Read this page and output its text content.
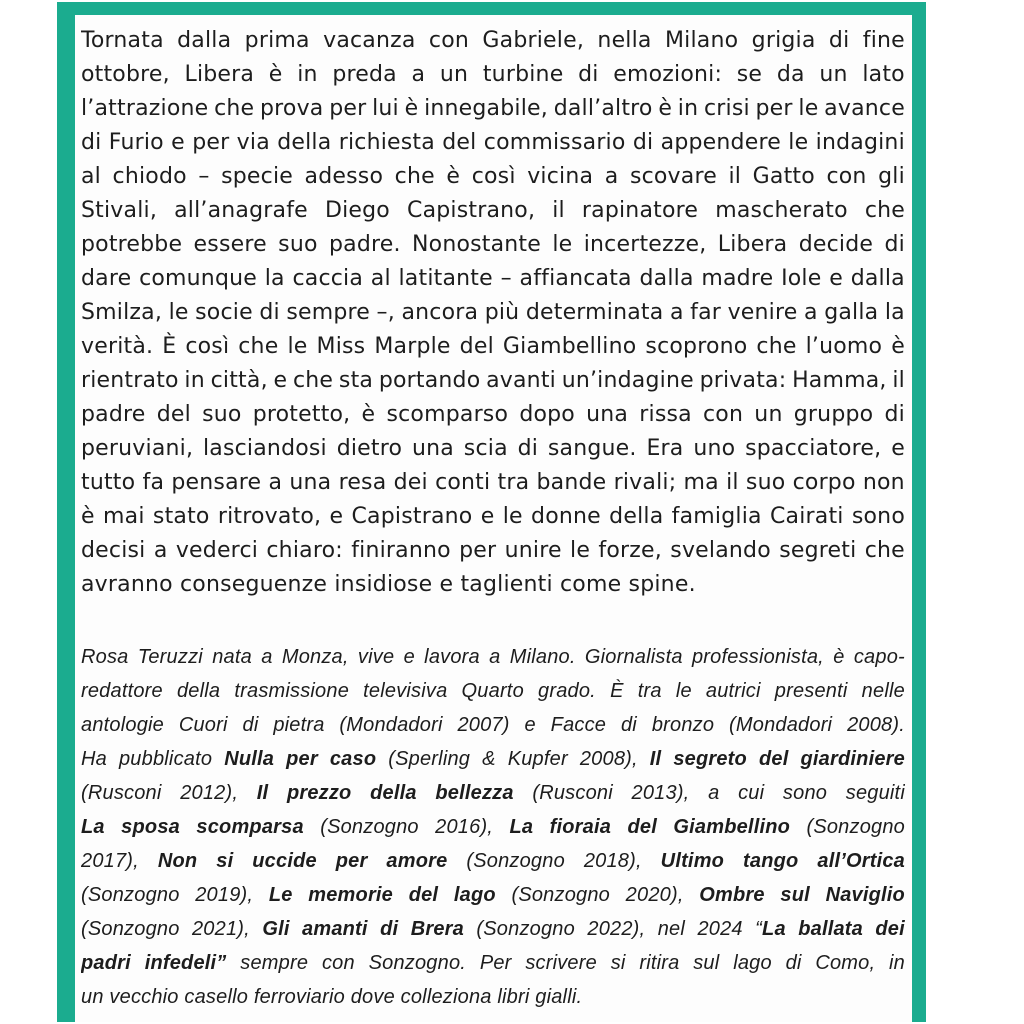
Tornata dalla prima vacanza con Gabriele, nella Milano grigia di fine
ottobre, Libera è in preda a un turbine di emozioni: se da un lato
l’attrazione che prova per lui è innegabile, dall’altro è in crisi per le avance
di Furio e per via della richiesta del commissario di appendere le indagini
al chiodo – specie adesso che è così vicina a scovare il Gatto con gli
Stivali, all’anagrafe Diego Capistrano, il rapinatore mascherato che
potrebbe essere suo padre. Nonostante le incertezze, Libera decide di
dare comunque la caccia al latitante – affiancata dalla madre Iole e dalla
Smilza, le socie di sempre –, ancora più determinata a far venire a galla la
verità. È così che le Miss Marple del Giambellino scoprono che l’uomo è
rientrato in città, e che sta portando avanti un’indagine privata: Hamma, il
padre del suo protetto, è scomparso dopo una rissa con un gruppo di
peruviani, lasciandosi dietro una scia di sangue. Era uno spacciatore, e
tutto fa pensare a una resa dei conti tra bande rivali; ma il suo corpo non
è mai stato ritrovato, e Capistrano e le donne della famiglia Cairati sono
decisi a vederci chiaro: finiranno per unire le forze, svelando segreti che
avranno conseguenze insidiose e taglienti come spine.
Rosa Teruzzi nata a Monza, vive e lavora a Milano. Giornalista professionista, è capo-
redattore della trasmissione televisiva Quarto grado. È tra le autrici presenti nelle
antologie Cuori di pietra (Mondadori 2007) e Facce di bronzo (Mondadori 2008).
Ha pubblicato Nulla per caso (Sperling & Kupfer 2008), Il segreto del giardiniere
(Rusconi 2012), Il prezzo della bellezza (Rusconi 2013), a cui sono seguiti
La sposa scomparsa (Sonzogno 2016), La fioraia del Giambellino (Sonzogno
2017), Non si uccide per amore (Sonzogno 2018), Ultimo tango all’Ortica
(Sonzogno 2019), Le memorie del lago (Sonzogno 2020), Ombre sul Naviglio
(Sonzogno 2021), Gli amanti di Brera (Sonzogno 2022), nel 2024 “La ballata dei
padri infedeli” sempre con Sonzogno. Per scrivere si ritira sul lago di Como, in
un vecchio casello ferroviario dove colleziona libri gialli.
